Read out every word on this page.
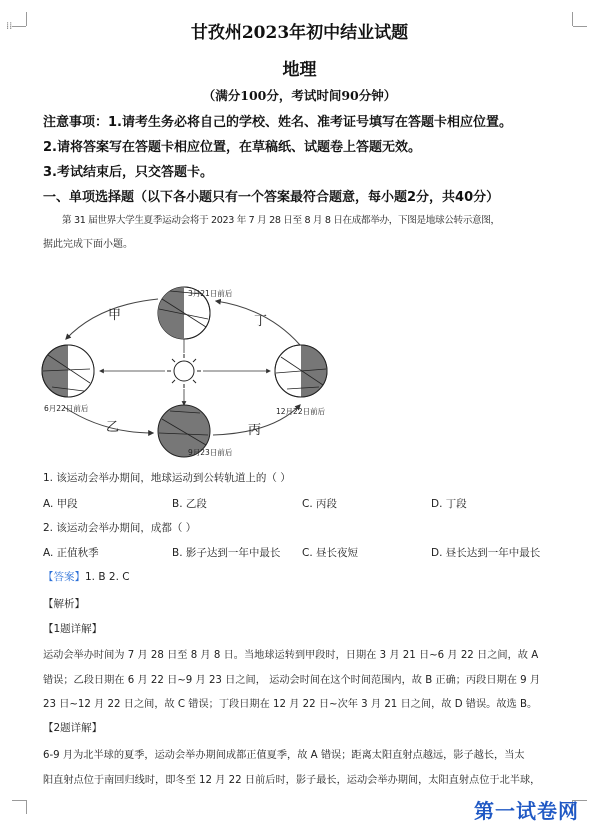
⁞⁞	甘孜州2023年初中结业试题
地理
（满分100分，考试时间90分钟）
注意事项：1.请考生务必将自己的学校、姓名、准考证号填写在答题卡相应位置。
2.请将答案写在答题卡相应位置，在草稿纸、试题卷上答题无效。
3.考试结束后，只交答题卡。
一、单项选择题（以下各小题只有一个答案最符合题意，每小题2分，共40分）
第 31 届世界大学生夏季运动会将于 2023 年 7 月 28 日至 8 月 8 日在成都举办，下图是地球公转示意图，
据此完成下面小题。
3月21日前后
6月22日前后
9月23日前后
12月22日前后
甲
乙	丙
丁
1. 该运动会举办期间，地球运动到公转轨道上的（ ）
A. 甲段	B. 乙段	C. 丙段	D. 丁段
2. 该运动会举办期间，成都（ ）
A. 正值秋季	B. 影子达到一年中最长 C. 昼长夜短	D. 昼长达到一年中最长
【答案】1. B 2. C
【解析】
【1题详解】
运动会举办时间为 7 月 28 日至 8 月 8 日。当地球运转到甲段时，日期在 3 月 21 日~6 月 22 日之间，故 A
错误；乙段日期在 6 月 22 日~9 月 23 日之间， 运动会时间在这个时间范围内，故 B 正确；丙段日期在 9 月
23 日~12 月 22 日之间，故 C 错误；丁段日期在 12 月 22 日~次年 3 月 21 日之间，故 D 错误。故选 B。
【2题详解】
6-9 月为北半球的夏季，运动会举办期间成都正值夏季，故 A 错误；距离太阳直射点越远，影子越长，当太
阳直射点位于南回归线时，即冬至 12 月 22 日前后时，影子最长，运动会举办期间，太阳直射点位于北半球，
第一试卷网
